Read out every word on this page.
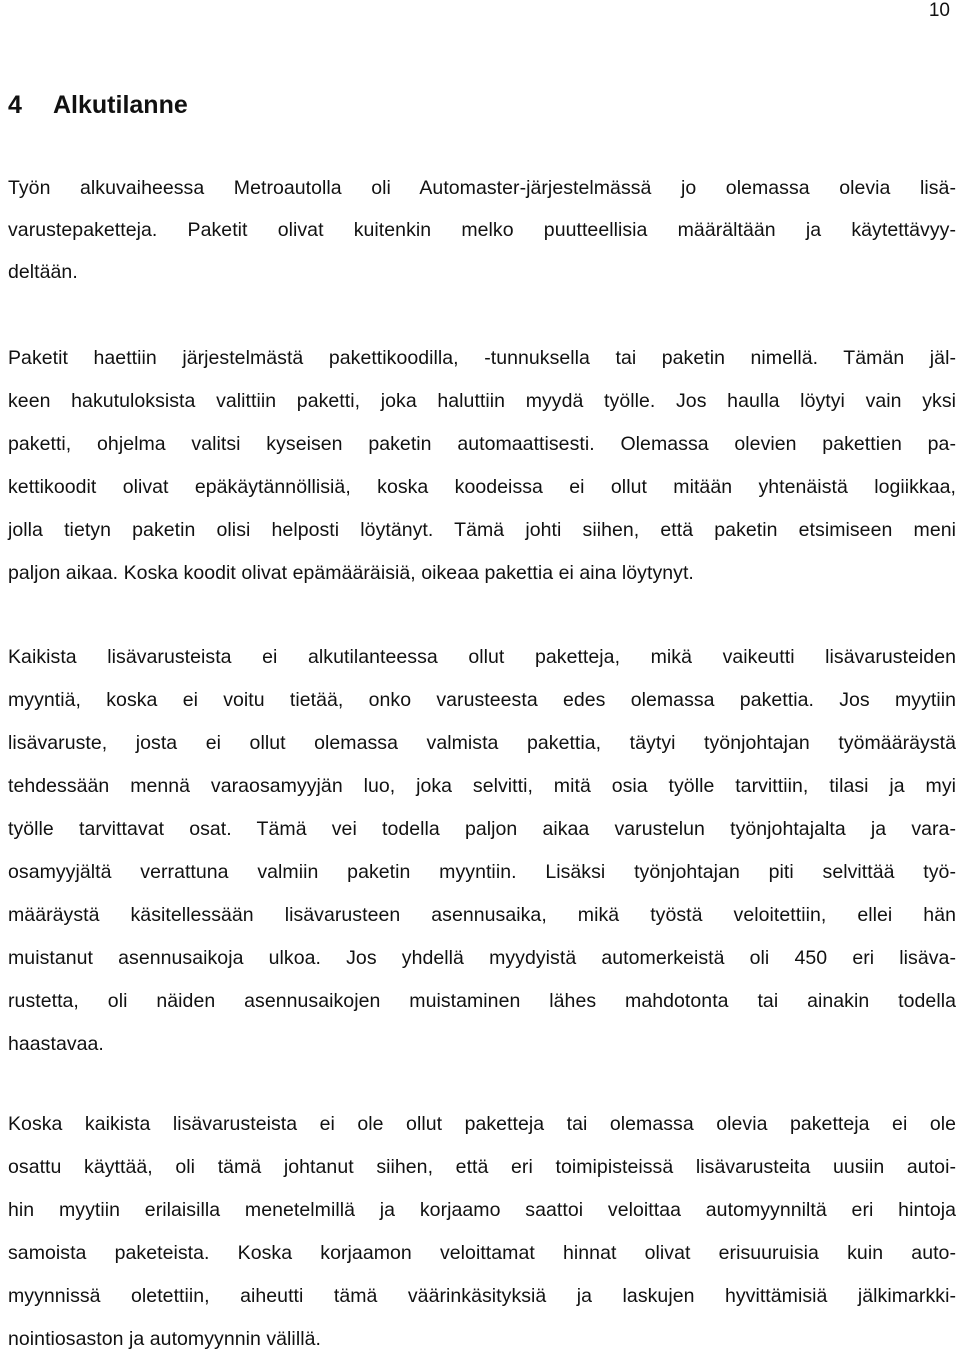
10
4	Alkutilanne
Työn alkuvaiheessa Metroautolla oli Automaster-järjestelmässä jo olemassa olevia lisä-
varustepaketteja. Paketit olivat kuitenkin melko puutteellisia määrältään ja käytettävyy-
deltään.
Paketit haettiin järjestelmästä pakettikoodilla, -tunnuksella tai paketin nimellä. Tämän jäl-
keen hakutuloksista valittiin paketti, joka haluttiin myydä työlle. Jos haulla löytyi vain yksi
paketti, ohjelma valitsi kyseisen paketin automaattisesti. Olemassa olevien pakettien pa-
kettikoodit olivat epäkäytännöllisiä, koska koodeissa ei ollut mitään yhtenäistä logiikkaa,
jolla tietyn paketin olisi helposti löytänyt. Tämä johti siihen, että paketin etsimiseen meni
paljon aikaa. Koska koodit olivat epämääräisiä, oikeaa pakettia ei aina löytynyt.
Kaikista lisävarusteista ei alkutilanteessa ollut paketteja, mikä vaikeutti lisävarusteiden
myyntiä, koska ei voitu tietää, onko varusteesta edes olemassa pakettia. Jos myytiin
lisävaruste, josta ei ollut olemassa valmista pakettia, täytyi työnjohtajan työmääräystä
tehdessään mennä varaosamyyjän luo, joka selvitti, mitä osia työlle tarvittiin, tilasi ja myi
työlle tarvittavat osat. Tämä vei todella paljon aikaa varustelun työnjohtajalta ja vara-
osamyyjältä verrattuna valmiin paketin myyntiin. Lisäksi työnjohtajan piti selvittää työ-
määräystä käsitellessään lisävarusteen asennusaika, mikä työstä veloitettiin, ellei hän
muistanut asennusaikoja ulkoa. Jos yhdellä myydyistä automerkeistä oli 450 eri lisäva-
rustetta, oli näiden asennusaikojen muistaminen lähes mahdotonta tai ainakin todella
haastavaa.
Koska kaikista lisävarusteista ei ole ollut paketteja tai olemassa olevia paketteja ei ole
osattu käyttää, oli tämä johtanut siihen, että eri toimipisteissä lisävarusteita uusiin autoi-
hin myytiin erilaisilla menetelmillä ja korjaamo saattoi veloittaa automyynniltä eri hintoja
samoista paketeista. Koska korjaamon veloittamat hinnat olivat erisuuruisia kuin auto-
myynnissä oletettiin, aiheutti tämä väärinkäsityksiä ja laskujen hyvittämisiä jälkimarkki-
nointiosaston ja automyynnin välillä.
